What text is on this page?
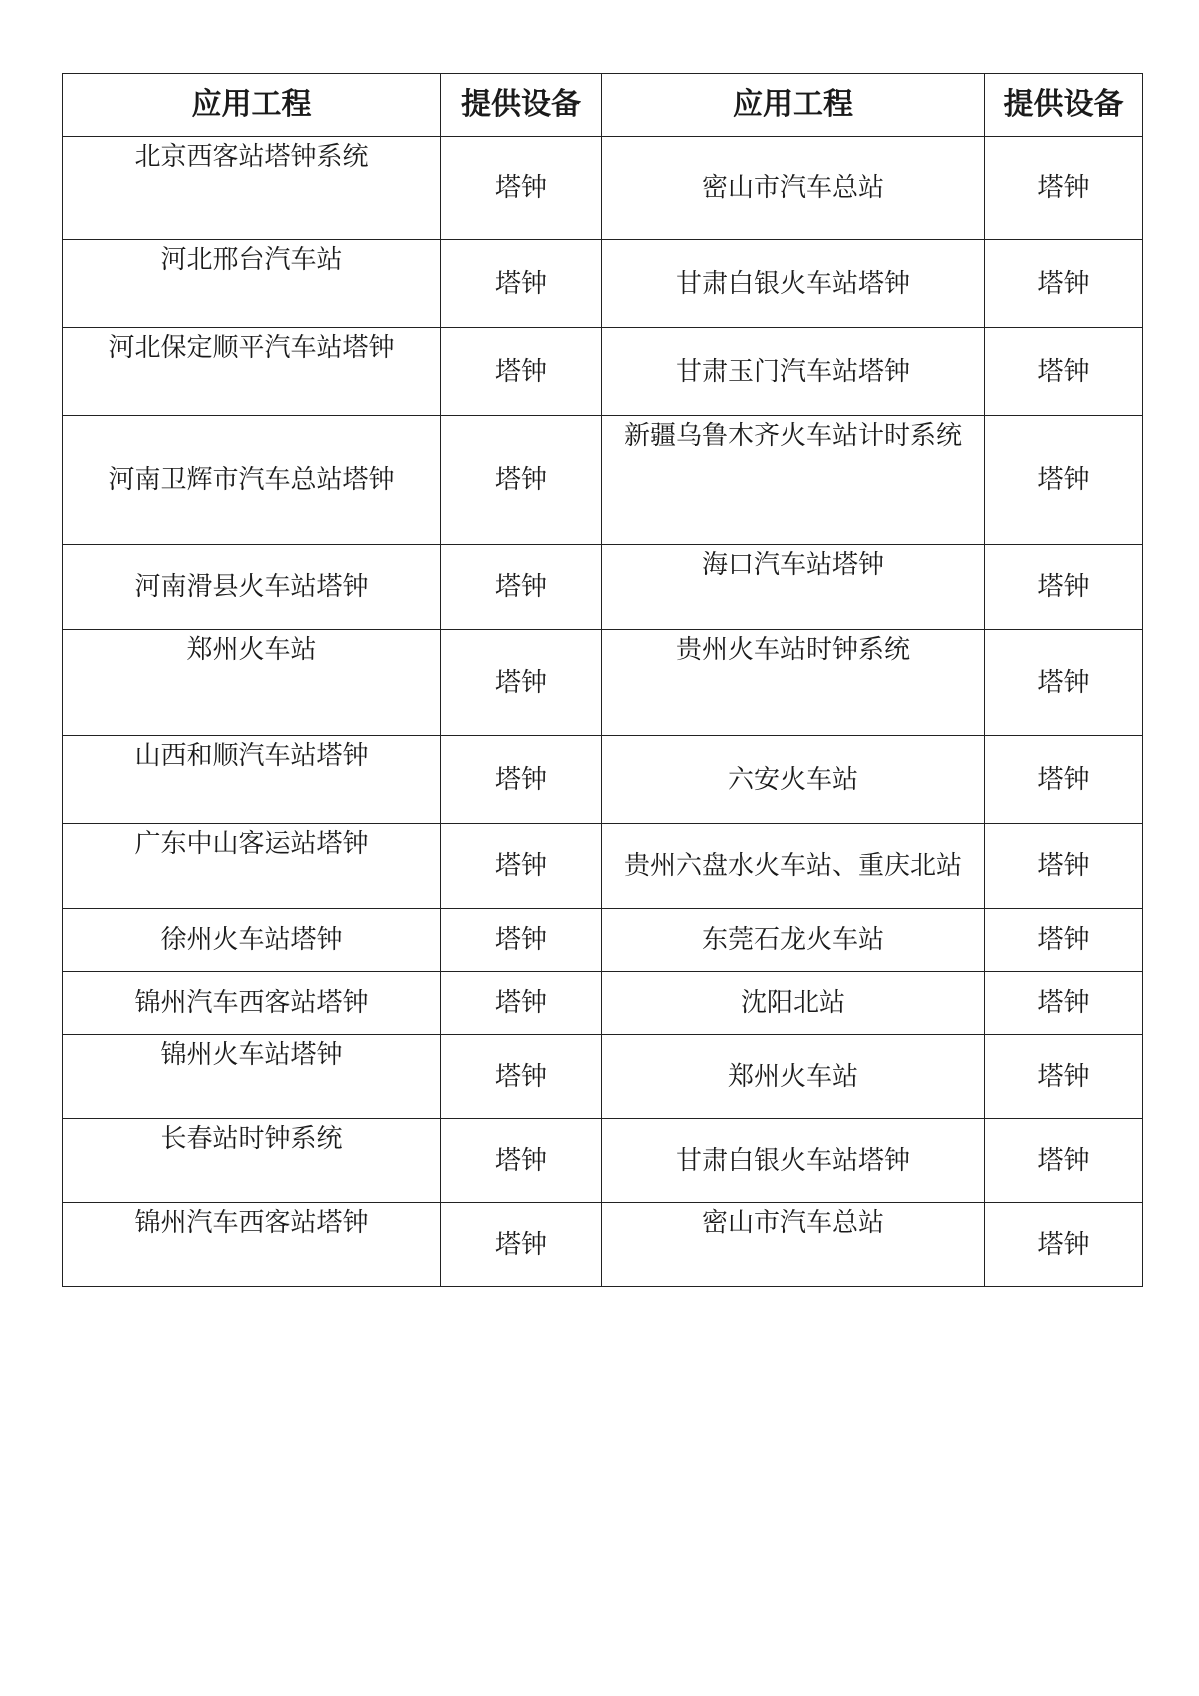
应用工程	提供设备	应用工程	提供设备
北京西客站塔钟系统	塔钟	密山市汽车总站	塔钟
河北邢台汽车站	塔钟	甘肃白银火车站塔钟	塔钟
河北保定顺平汽车站塔钟	塔钟	甘肃玉门汽车站塔钟	塔钟
河南卫辉市汽车总站塔钟	塔钟	新疆乌鲁木齐火车站计时系统	塔钟
河南滑县火车站塔钟	塔钟	海口汽车站塔钟	塔钟
郑州火车站	塔钟	贵州火车站时钟系统	塔钟
山西和顺汽车站塔钟	塔钟	六安火车站	塔钟
广东中山客运站塔钟	塔钟	贵州六盘水火车站、重庆北站	塔钟
徐州火车站塔钟	塔钟	东莞石龙火车站	塔钟
锦州汽车西客站塔钟	塔钟	沈阳北站	塔钟
锦州火车站塔钟	塔钟	郑州火车站	塔钟
长春站时钟系统	塔钟	甘肃白银火车站塔钟	塔钟
锦州汽车西客站塔钟	塔钟	密山市汽车总站	塔钟
